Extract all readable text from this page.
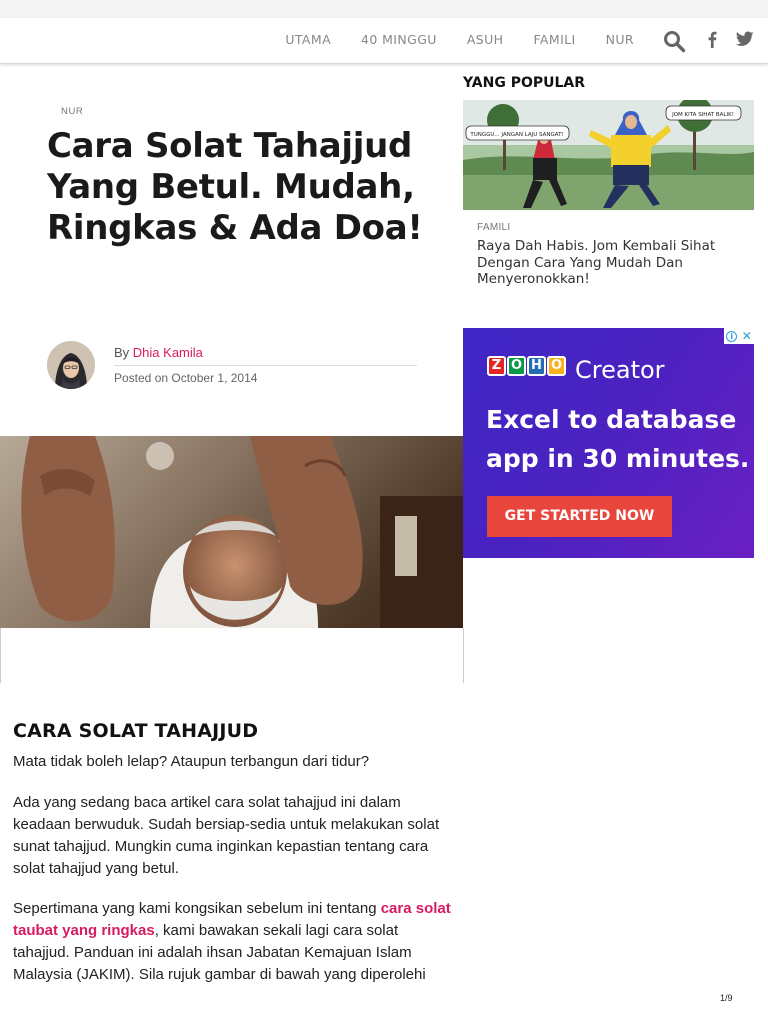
UTAMA 40 MINGGU ASUH FAMILI NUR
NUR
Cara Solat Tahajjud Yang Betul. Mudah, Ringkas & Ada Doa!
By Dhia Kamila
Posted on October 1, 2014
YANG POPULAR
TUNGGU... JANGAN LAJU SANGAT!
JOM KITA SIHAT BALIK!
FAMILI
Raya Dah Habis. Jom Kembali Sihat Dengan Cara Yang Mudah Dan Menyeronokkan!
i ✕
Z O H O Creator
Excel to database app in 30 minutes.
GET STARTED NOW
CARA SOLAT TAHAJJUD

Mata tidak boleh lelap? Ataupun terbangun dari tidur?

Ada yang sedang baca artikel cara solat tahajjud ini dalam keadaan berwuduk. Sudah bersiap-sedia untuk melakukan solat sunat tahajjud. Mungkin cuma inginkan kepastian tentang cara solat tahajjud yang betul.

Sepertimana yang kami kongsikan sebelum ini tentang cara solat taubat yang ringkas, kami bawakan sekali lagi cara solat tahajjud. Panduan ini adalah ihsan Jabatan Kemajuan Islam Malaysia (JAKIM). Sila rujuk gambar di bawah yang diperolehi

1/9
